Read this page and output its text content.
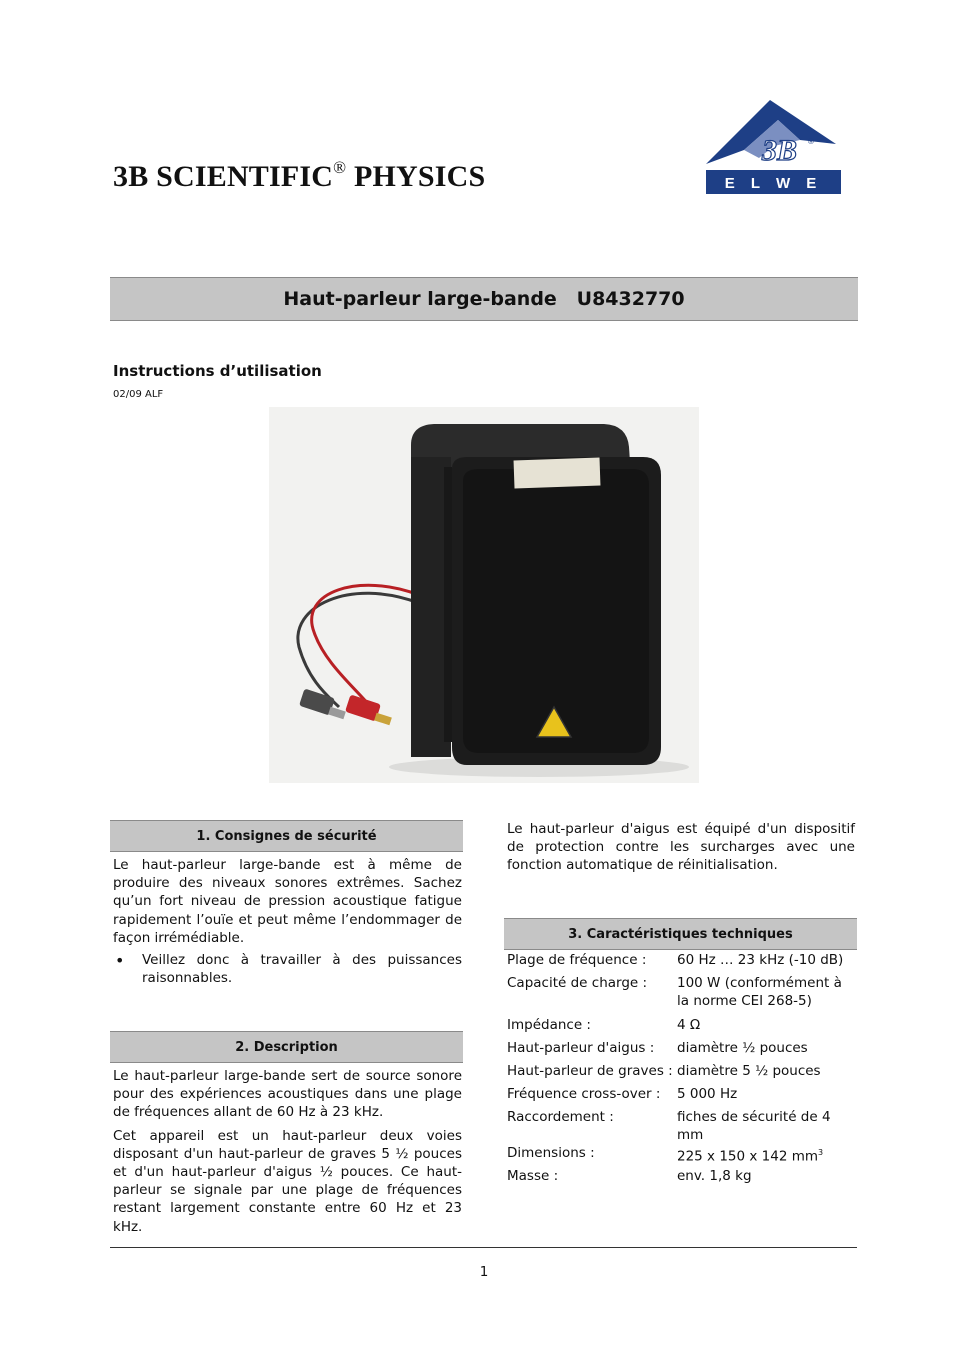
3B SCIENTIFIC® PHYSICS
3B ®
E L W E
Haut-parleur large-bande   U8432770
Instructions d’utilisation
02/09 ALF
1. Consignes de sécurité

Le haut-parleur large-bande est à même de produire des niveaux sonores extrêmes. Sachez qu’un fort niveau de pression acoustique fatigue rapidement l’ouïe et peut même l’endommager de façon irrémédiable.

•	Veillez donc à travailler à des puissances raisonnables.

2. Description

Le haut-parleur large-bande sert de source sonore pour des expériences acoustiques dans une plage de fréquences allant de 60 Hz à 23 kHz.

Cet appareil est un haut-parleur deux voies disposant d'un haut-parleur de graves 5 ½ pouces et d'un haut-parleur d'aigus ½ pouces. Ce haut-parleur se signale par une plage de fréquences restant largement constante entre 60 Hz et 23 kHz.

Le haut-parleur d'aigus est équipé d'un dispositif de protection contre les surcharges avec une fonction automatique de réinitialisation.

3. Caractéristiques techniques
Plage de fréquence :	60 Hz … 23 kHz (-10 dB)
Capacité de charge :	100 W (conformément à la norme CEI 268-5)
Impédance :	4 Ω
Haut-parleur d'aigus :	diamètre ½ pouces
Haut-parleur de graves :	diamètre 5 ½ pouces
Fréquence cross-over :	5 000 Hz
Raccordement :	fiches de sécurité de 4 mm
Dimensions :	225 x 150 x 142 $mm^3$
Masse :	env. 1,8 kg
1
